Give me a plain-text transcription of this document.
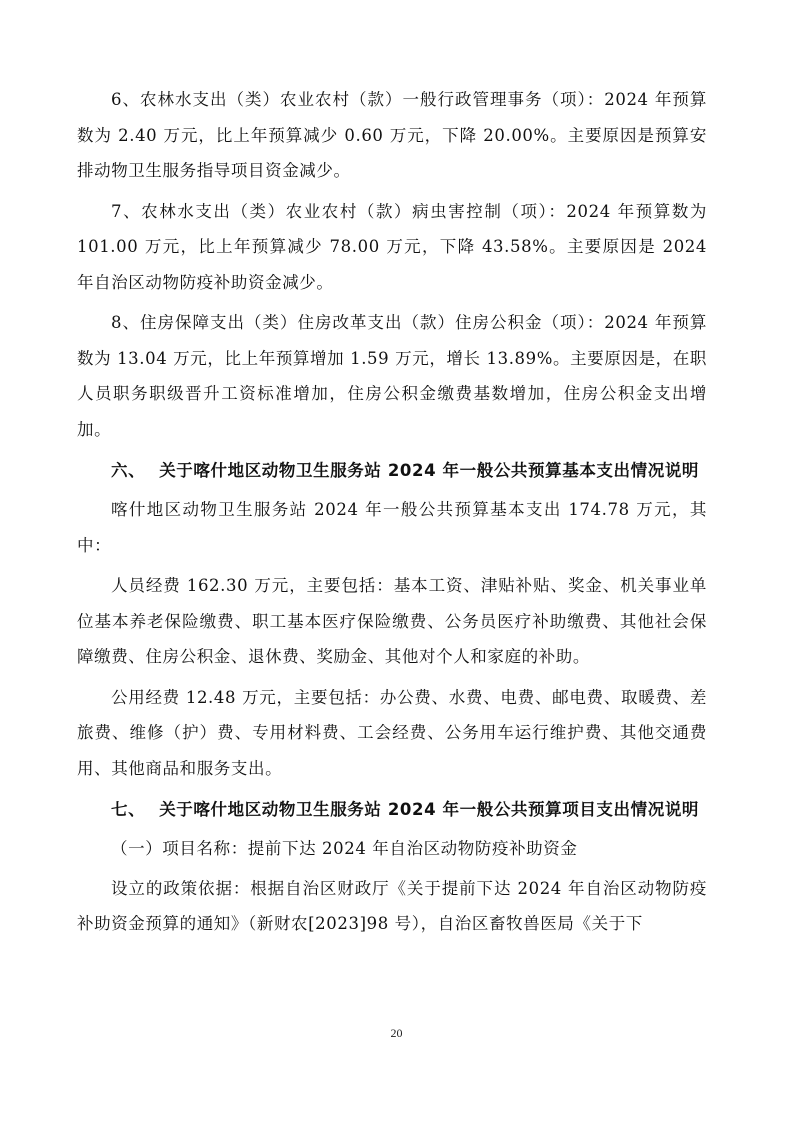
6、农林水支出（类）农业农村（款）一般行政管理事务（项）：2024 年预算数为 2.40 万元，比上年预算减少 0.60 万元，下降 20.00%。主要原因是预算安排动物卫生服务指导项目资金减少。

7、农林水支出（类）农业农村（款）病虫害控制（项）：2024 年预算数为 101.00 万元，比上年预算减少 78.00 万元，下降 43.58%。主要原因是 2024 年自治区动物防疫补助资金减少。

8、住房保障支出（类）住房改革支出（款）住房公积金（项）：2024 年预算数为 13.04 万元，比上年预算增加 1.59 万元，增长 13.89%。主要原因是，在职人员职务职级晋升工资标准增加，住房公积金缴费基数增加，住房公积金支出增加。

六、 关于喀什地区动物卫生服务站 2024 年一般公共预算基本支出情况说明

喀什地区动物卫生服务站 2024 年一般公共预算基本支出 174.78 万元，其中：

人员经费 162.30 万元，主要包括：基本工资、津贴补贴、奖金、机关事业单位基本养老保险缴费、职工基本医疗保险缴费、公务员医疗补助缴费、其他社会保障缴费、住房公积金、退休费、奖励金、其他对个人和家庭的补助。

公用经费 12.48 万元，主要包括：办公费、水费、电费、邮电费、取暖费、差旅费、维修（护）费、专用材料费、工会经费、公务用车运行维护费、其他交通费用、其他商品和服务支出。

七、 关于喀什地区动物卫生服务站 2024 年一般公共预算项目支出情况说明

（一）项目名称：提前下达 2024 年自治区动物防疫补助资金

设立的政策依据：根据自治区财政厅《关于提前下达 2024 年自治区动物防疫补助资金预算的通知》（新财农[2023]98 号），自治区畜牧兽医局《关于下

20
